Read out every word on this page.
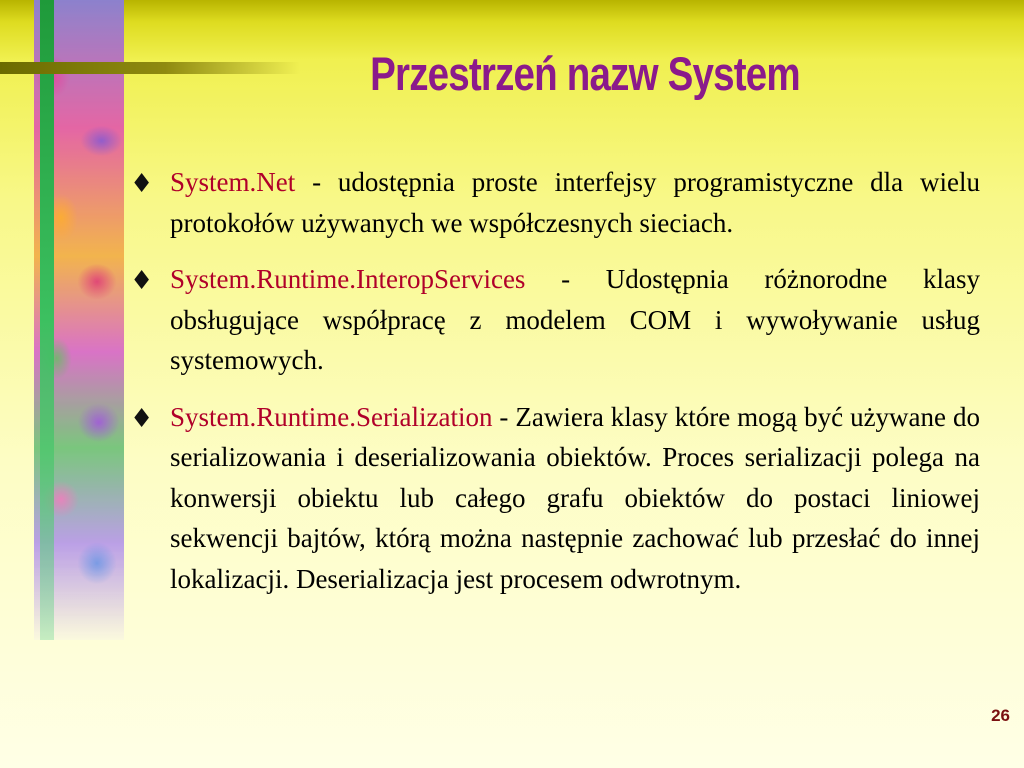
Przestrzeń nazw System
♦ System.Net - udostępnia proste interfejsy programistyczne dla wielu protokołów używanych we współczesnych sieciach.
♦ System.Runtime.InteropServices - Udostępnia różnorodne klasy obsługujące współpracę z modelem COM i wywoływanie usług systemowych.
♦ System.Runtime.Serialization - Zawiera klasy które mogą być używane do serializowania i deserializowania obiektów. Proces serializacji polega na konwersji obiektu lub całego grafu obiektów do postaci liniowej sekwencji bajtów, którą można następnie zachować lub przesłać do innej lokalizacji. Deserializacja jest procesem odwrotnym.
26
